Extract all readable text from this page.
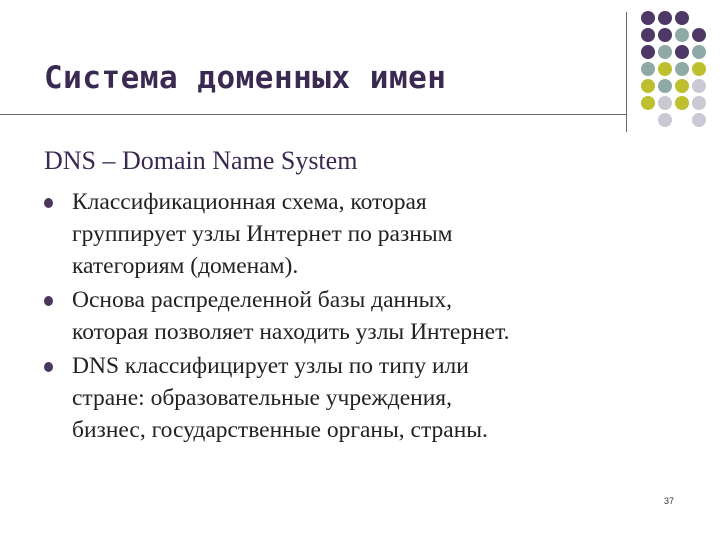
Система доменных имен
DNS – Domain Name System
Классификационная схема, которая
группирует узлы Интернет по разным
категориям (доменам).
Основа распределенной базы данных,
которая позволяет находить узлы Интернет.
DNS классифицирует узлы по типу или
стране: образовательные учреждения,
бизнес, государственные органы, страны.
37
